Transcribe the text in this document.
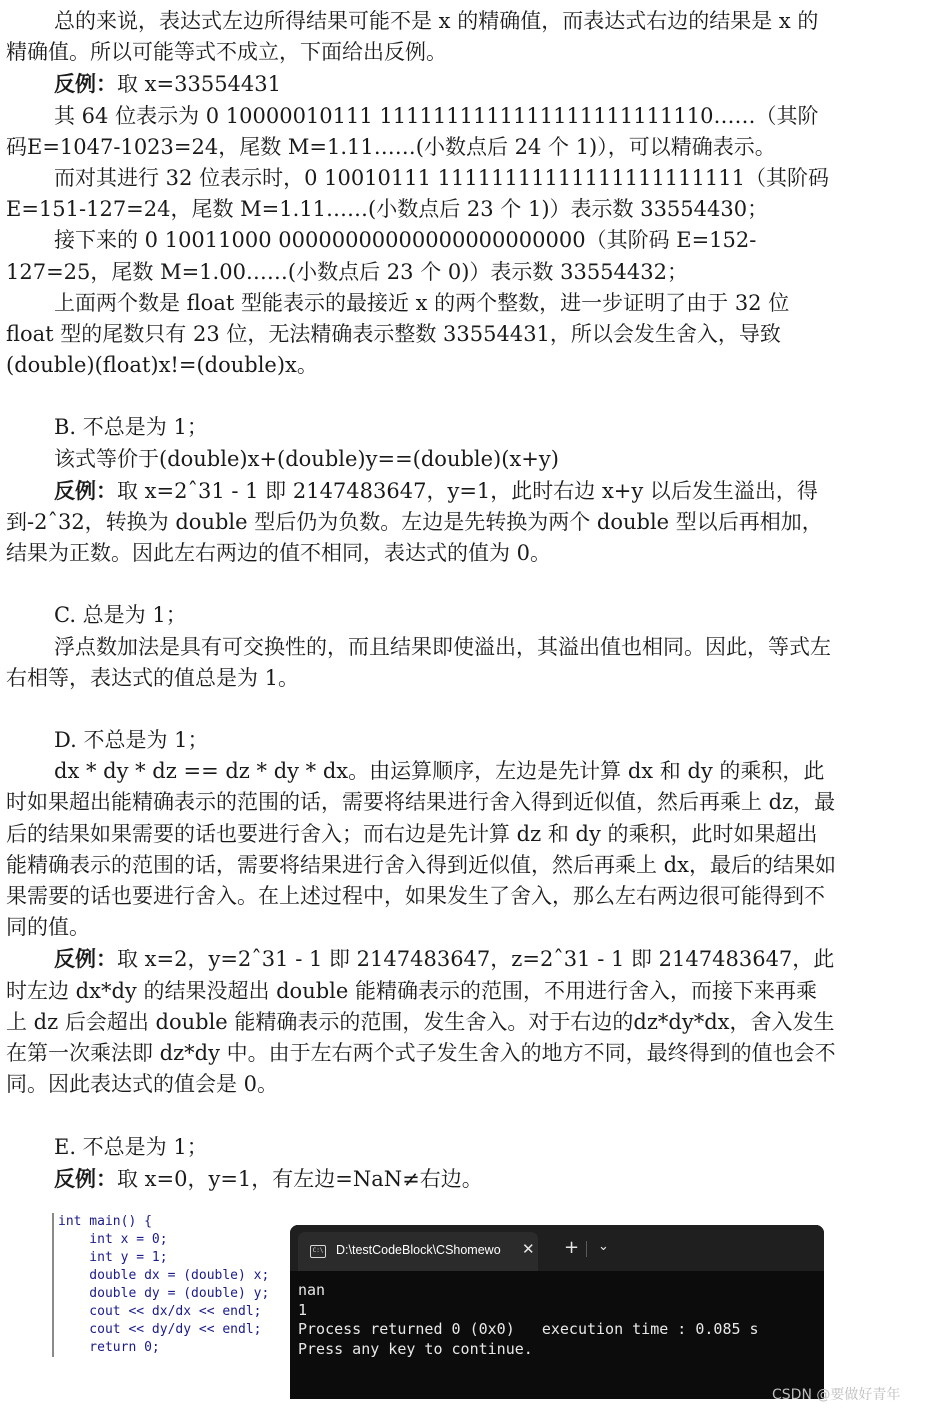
总的来说，表达式左边所得结果可能不是 x 的精确值，而表达式右边的结果是 x 的精确值。所以可能等式不成立，下面给出反例。

反例：取 x=33554431

其 64 位表示为 0 10000010111 1111111111111111111111110……（其阶码E=1047-1023=24，尾数 M=1.11……(小数点后 24 个 1)），可以精确表示。

而对其进行 32 位表示时，0 10010111 11111111111111111111111（其阶码E=151-127=24，尾数 M=1.11……(小数点后 23 个 1)）表示数 33554430；

接下来的 0 10011000 00000000000000000000000（其阶码 E=152-127=25，尾数 M=1.00……(小数点后 23 个 0)）表示数 33554432；

上面两个数是 float 型能表示的最接近 x 的两个整数，进一步证明了由于 32 位 float 型的尾数只有 23 位，无法精确表示整数 33554431，所以会发生舍入，导致(double)(float)x!=(double)x。

B. 不总是为 1；

该式等价于(double)x+(double)y==(double)(x+y)

反例：取 x=2ˆ31 - 1 即 2147483647，y=1，此时右边 x+y 以后发生溢出，得到-2ˆ32，转换为 double 型后仍为负数。左边是先转换为两个 double 型以后再相加，结果为正数。因此左右两边的值不相同，表达式的值为 0。

C. 总是为 1；

浮点数加法是具有可交换性的，而且结果即使溢出，其溢出值也相同。因此，等式左右相等，表达式的值总是为 1。

D. 不总是为 1；

dx * dy * dz == dz * dy * dx。由运算顺序，左边是先计算 dx 和 dy 的乘积，此时如果超出能精确表示的范围的话，需要将结果进行舍入得到近似值，然后再乘上 dz，最后的结果如果需要的话也要进行舍入；而右边是先计算 dz 和 dy 的乘积，此时如果超出能精确表示的范围的话，需要将结果进行舍入得到近似值，然后再乘上 dx，最后的结果如果需要的话也要进行舍入。在上述过程中，如果发生了舍入，那么左右两边很可能得到不同的值。

反例：取 x=2，y=2ˆ31 - 1 即 2147483647，z=2ˆ31 - 1 即 2147483647，此时左边 dx*dy 的结果没超出 double 能精确表示的范围，不用进行舍入，而接下来再乘上 dz 后会超出 double 能精确表示的范围，发生舍入。对于右边的dz*dy*dx，舍入发生在第一次乘法即 dz*dy 中。由于左右两个式子发生舍入的地方不同，最终得到的值也会不同。因此表达式的值会是 0。

E. 不总是为 1；

反例：取 x=0，y=1，有左边=NaN≠右边。

int main() {
int x = 0;
int y = 1;
double dx = (double) x;
double dy = (double) y;
cout << dx/dx << endl;
cout << dy/dy << endl;
return 0;
C:\ D:\testCodeBlock\CShomewo ✕ + ⌄
nan
1
Process returned 0 (0x0)   execution time : 0.085 s
Press any key to continue.
CSDN @要做好青年
